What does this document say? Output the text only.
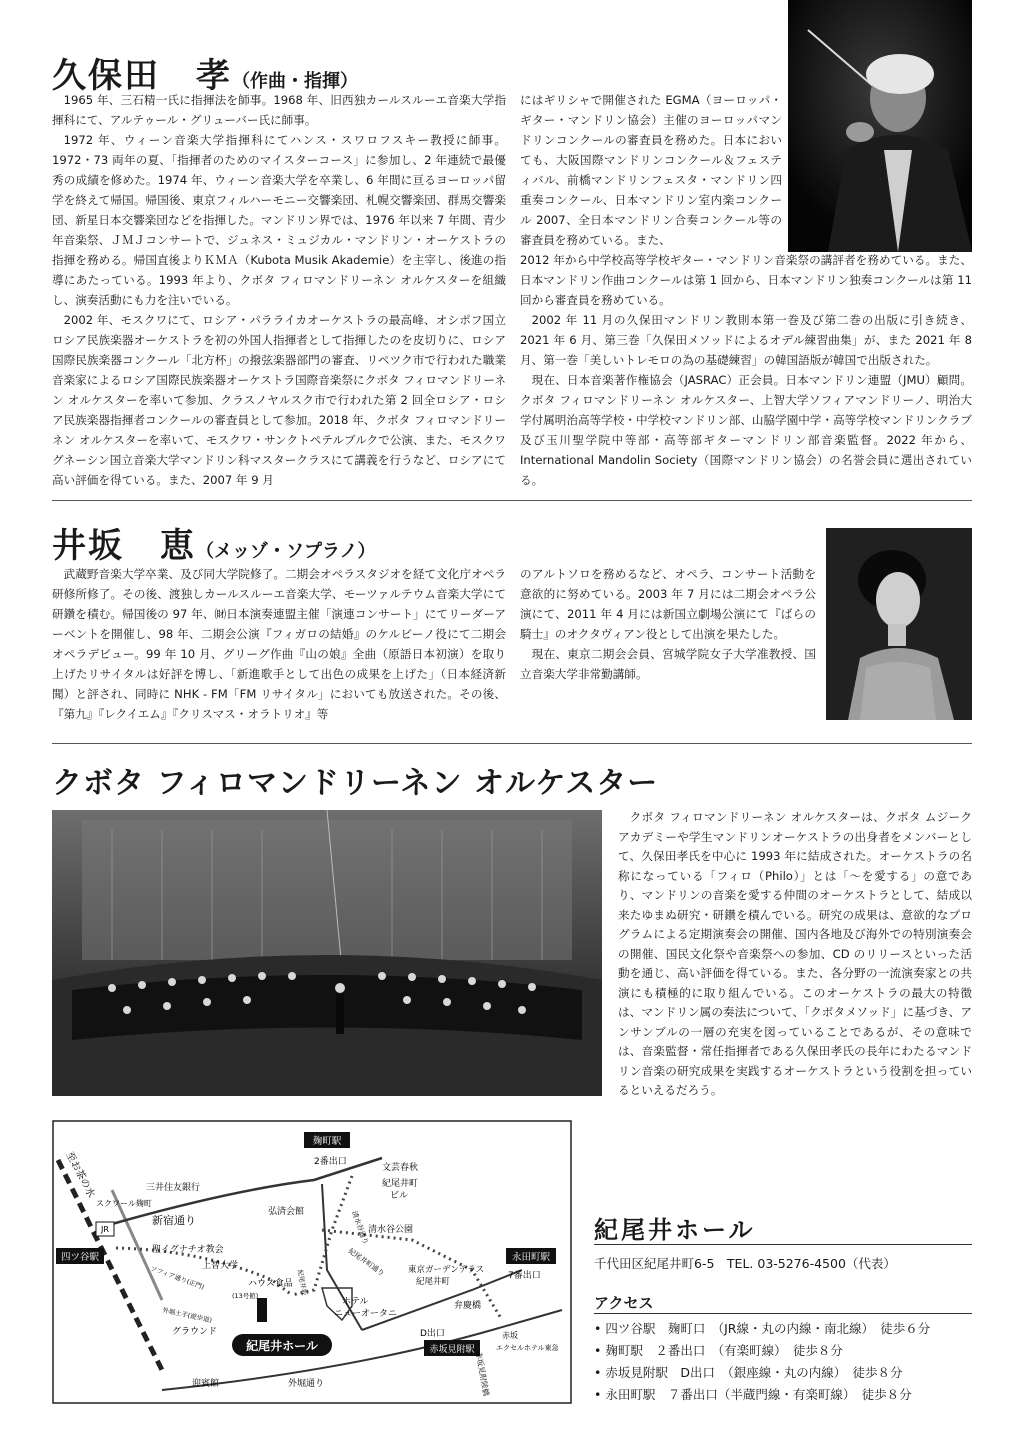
久保田　孝（作曲・指揮）

1965 年、三石精一氏に指揮法を師事。1968 年、旧西独カールスルーエ音楽大学指揮科にて、アルテゥール・グリューバー氏に師事。

1972 年、ウィーン音楽大学指揮科にてハンス・スワロフスキー教授に師事。1972・73 両年の夏、「指揮者のためのマイスターコース」に参加し、2 年連続で最優秀の成績を修めた。1974 年、ウィーン音楽大学を卒業し、6 年間に亘るヨーロッパ留学を終えて帰国。帰国後、東京フィルハーモニー交響楽団、札幌交響楽団、群馬交響楽団、新星日本交響楽団などを指揮した。マンドリン界では、1976 年以来 7 年間、青少年音楽祭、ＪＭＪコンサートで、ジュネス・ミュジカル・マンドリン・オーケストラの指揮を務める。帰国直後よりＫＭＡ（Kubota Musik Akademie）を主宰し、後進の指導にあたっている。1993 年より、クボタ フィロマンドリーネン オルケスターを組織し、演奏活動にも力を注いでいる。

2002 年、モスクワにて、ロシア・パラライカオーケストラの最高峰、オシポフ国立ロシア民族楽器オーケストラを初の外国人指揮者として指揮したのを皮切りに、ロシア国際民族楽器コンクール「北方杯」の撥弦楽器部門の審査、リペツク市で行われた職業音楽家によるロシア国際民族楽器オーケストラ国際音楽祭にクボタ フィロマンドリーネン オルケスターを率いて参加、クラスノヤルスク市で行われた第 2 回全ロシア・ロシア民族楽器指揮者コンクールの審査員として参加。2018 年、クボタ フィロマンドリーネン オルケスターを率いて、モスクワ・サンクトペテルブルクで公演、また、モスクワ グネーシン国立音楽大学マンドリン科マスタークラスにて講義を行うなど、ロシアにて高い評価を得ている。また、2007 年 9 月

にはギリシャで開催された EGMA（ヨーロッパ・ギター・マンドリン協会）主催のヨーロッパマンドリンコンクールの審査員を務めた。日本においても、大阪国際マンドリンコンクール＆フェスティバル、前橋マンドリンフェスタ・マンドリン四重奏コンクール、日本マンドリン室内楽コンクール 2007、全日本マンドリン合奏コンクール等の審査員を務めている。また、

2012 年から中学校高等学校ギター・マンドリン音楽祭の講評者を務めている。また、日本マンドリン作曲コンクールは第 1 回から、日本マンドリン独奏コンクールは第 11 回から審査員を務めている。

2002 年 11 月の久保田マンドリン教則本第一巻及び第二巻の出版に引き続き、2021 年 6 月、第三巻「久保田メソッドによるオデル練習曲集」が、また 2021 年 8 月、第一巻「美しいトレモロの為の基礎練習」の韓国語版が韓国で出版された。

現在、日本音楽著作権協会（JASRAC）正会員。日本マンドリン連盟（JMU）顧問。クボタ フィロマンドリーネン オルケスター、上智大学ソフィアマンドリーノ、明治大学付属明治高等学校・中学校マンドリン部、山脇学園中学・高等学校マンドリンクラブ及び玉川聖学院中等部・高等部ギターマンドリン部音楽監督。2022 年から、International Mandolin Society（国際マンドリン協会）の名誉会員に選出されている。

井坂　恵（メッゾ・ソプラノ）

武蔵野音楽大学卒業、及び同大学院修了。二期会オペラスタジオを経て文化庁オペラ研修所修了。その後、渡独しカールスルーエ音楽大学、モーツァルテウム音楽大学にて研鑽を積む。帰国後の 97 年、㈶日本演奏連盟主催「演連コンサート」にてリーダーアーベントを開催し、98 年、二期会公演『フィガロの結婚』のケルビーノ役にて二期会オペラデビュー。99 年 10 月、グリーグ作曲『山の娘』全曲（原語日本初演）を取り上げたリサイタルは好評を博し、「新進歌手として出色の成果を上げた」（日本経済新聞）と評され、同時に NHK - FM「FM リサイタル」においても放送された。その後、『第九』『レクイエム』『クリスマス・オラトリオ』等

のアルトソロを務めるなど、オペラ、コンサート活動を意欲的に努めている。2003 年 7 月には二期会オペラ公演にて、2011 年 4 月には新国立劇場公演にて『ばらの騎士』のオクタヴィアン役として出演を果たした。

現在、東京二期会会員、宮城学院女子大学准教授、国立音楽大学非常勤講師。

クボタ フィロマンドリーネン オルケスター

クボタ フィロマンドリーネン オルケスターは、クボタ ムジーク アカデミーや学生マンドリンオーケストラの出身者をメンバーとして、久保田孝氏を中心に 1993 年に結成された。オーケストラの名称になっている「フィロ（Philo）」とは「〜を愛する」の意であり、マンドリンの音楽を愛する仲間のオーケストラとして、結成以来たゆまぬ研究・研鑽を積んでいる。研究の成果は、意欲的なプログラムによる定期演奏会の開催、国内各地及び海外での特別演奏会の開催、国民文化祭や音楽祭への参加、CD のリリースといった活動を通じ、高い評価を得ている。また、各分野の一流演奏家との共演にも積極的に取り組んでいる。このオーケストラの最大の特徴は、マンドリン属の奏法について、「クボタメソッド」に基づき、アンサンブルの一層の充実を図っていることであるが、その意味では、音楽監督・常任指揮者である久保田孝氏の長年にわたるマンドリン音楽の研究成果を実践するオーケストラという役割を担っているといえるだろう。

紀尾井ホール
麹町駅
四ツ谷駅	永田町駅
赤坂見附駅
JR
至お茶の水	2番出口
文芸春秋
紀尾井町
ビル
三井住友銀行
スクワール麹町
弘済会館
新宿通り
聖イグナチオ教会
上智大学
清水谷公園
清水谷通り
東京ガーデンテラス
紀尾井町
7番出口
弁慶橋
ハウス食品
(13号館)
ホテル
ニューオータニ
紀尾井町通り
紀尾井坂
グラウンド
外堀土手(遊歩道)
ソフィア通り(正門)
D出口	赤坂
エクセルホテル東急
迎賓館	外堀通り	赤坂見附陸橋
紀尾井ホール
千代田区紀尾井町6-5　TEL. 03-5276-4500（代表）
アクセス
• 四ツ谷駅　麹町口　（JR線・丸の内線・南北線）　徒歩６分
• 麹町駅　２番出口　（有楽町線）　徒歩８分
• 赤坂見附駅　D出口　（銀座線・丸の内線）　徒歩８分
• 永田町駅　７番出口（半蔵門線・有楽町線）　徒歩８分
